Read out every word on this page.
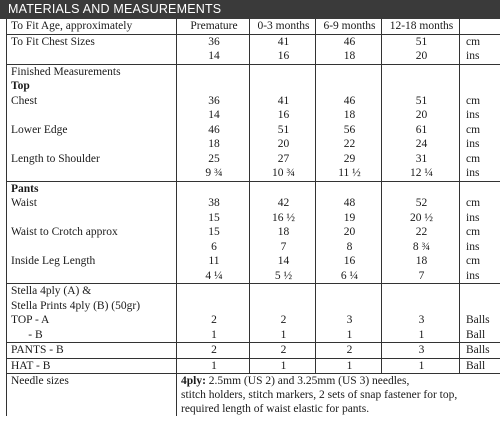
MATERIALS AND MEASUREMENTS
To Fit Age, approximately	Premature	0-3 months	6-9 months	12-18 months	
To Fit Chest Sizes	36	41	46	51	cm
	14	16	18	20	ins
Finished Measurements					
Top					
Chest	36	41	46	51	cm
	14	16	18	20	ins
Lower Edge	46	51	56	61	cm
	18	20	22	24	ins
Length to Shoulder	25	27	29	31	cm
	9 ¾	10 ¾	11 ½	12 ¼	ins
Pants					
Waist	38	42	48	52	cm
	15	16 ½	19	20 ½	ins
Waist to Crotch approx	15	18	20	22	cm
	6	7	8	8 ¾	ins
Inside Leg Length	11	14	16	18	cm
	4 ¼	5 ½	6 ¼	7	ins
Stella 4ply (A) &					
Stella Prints 4ply (B) (50gr)					
TOP - A	2	2	3	3	Balls
- B	1	1	1	1	Ball
PANTS - B	2	2	2	3	Balls
HAT - B	1	1	1	1	Ball
Needle sizes	4ply: 2.5mm (US 2) and 3.25mm (US 3) needles,
stitch holders, stitch markers, 2 sets of snap fastener for top,
required length of waist elastic for pants.				
